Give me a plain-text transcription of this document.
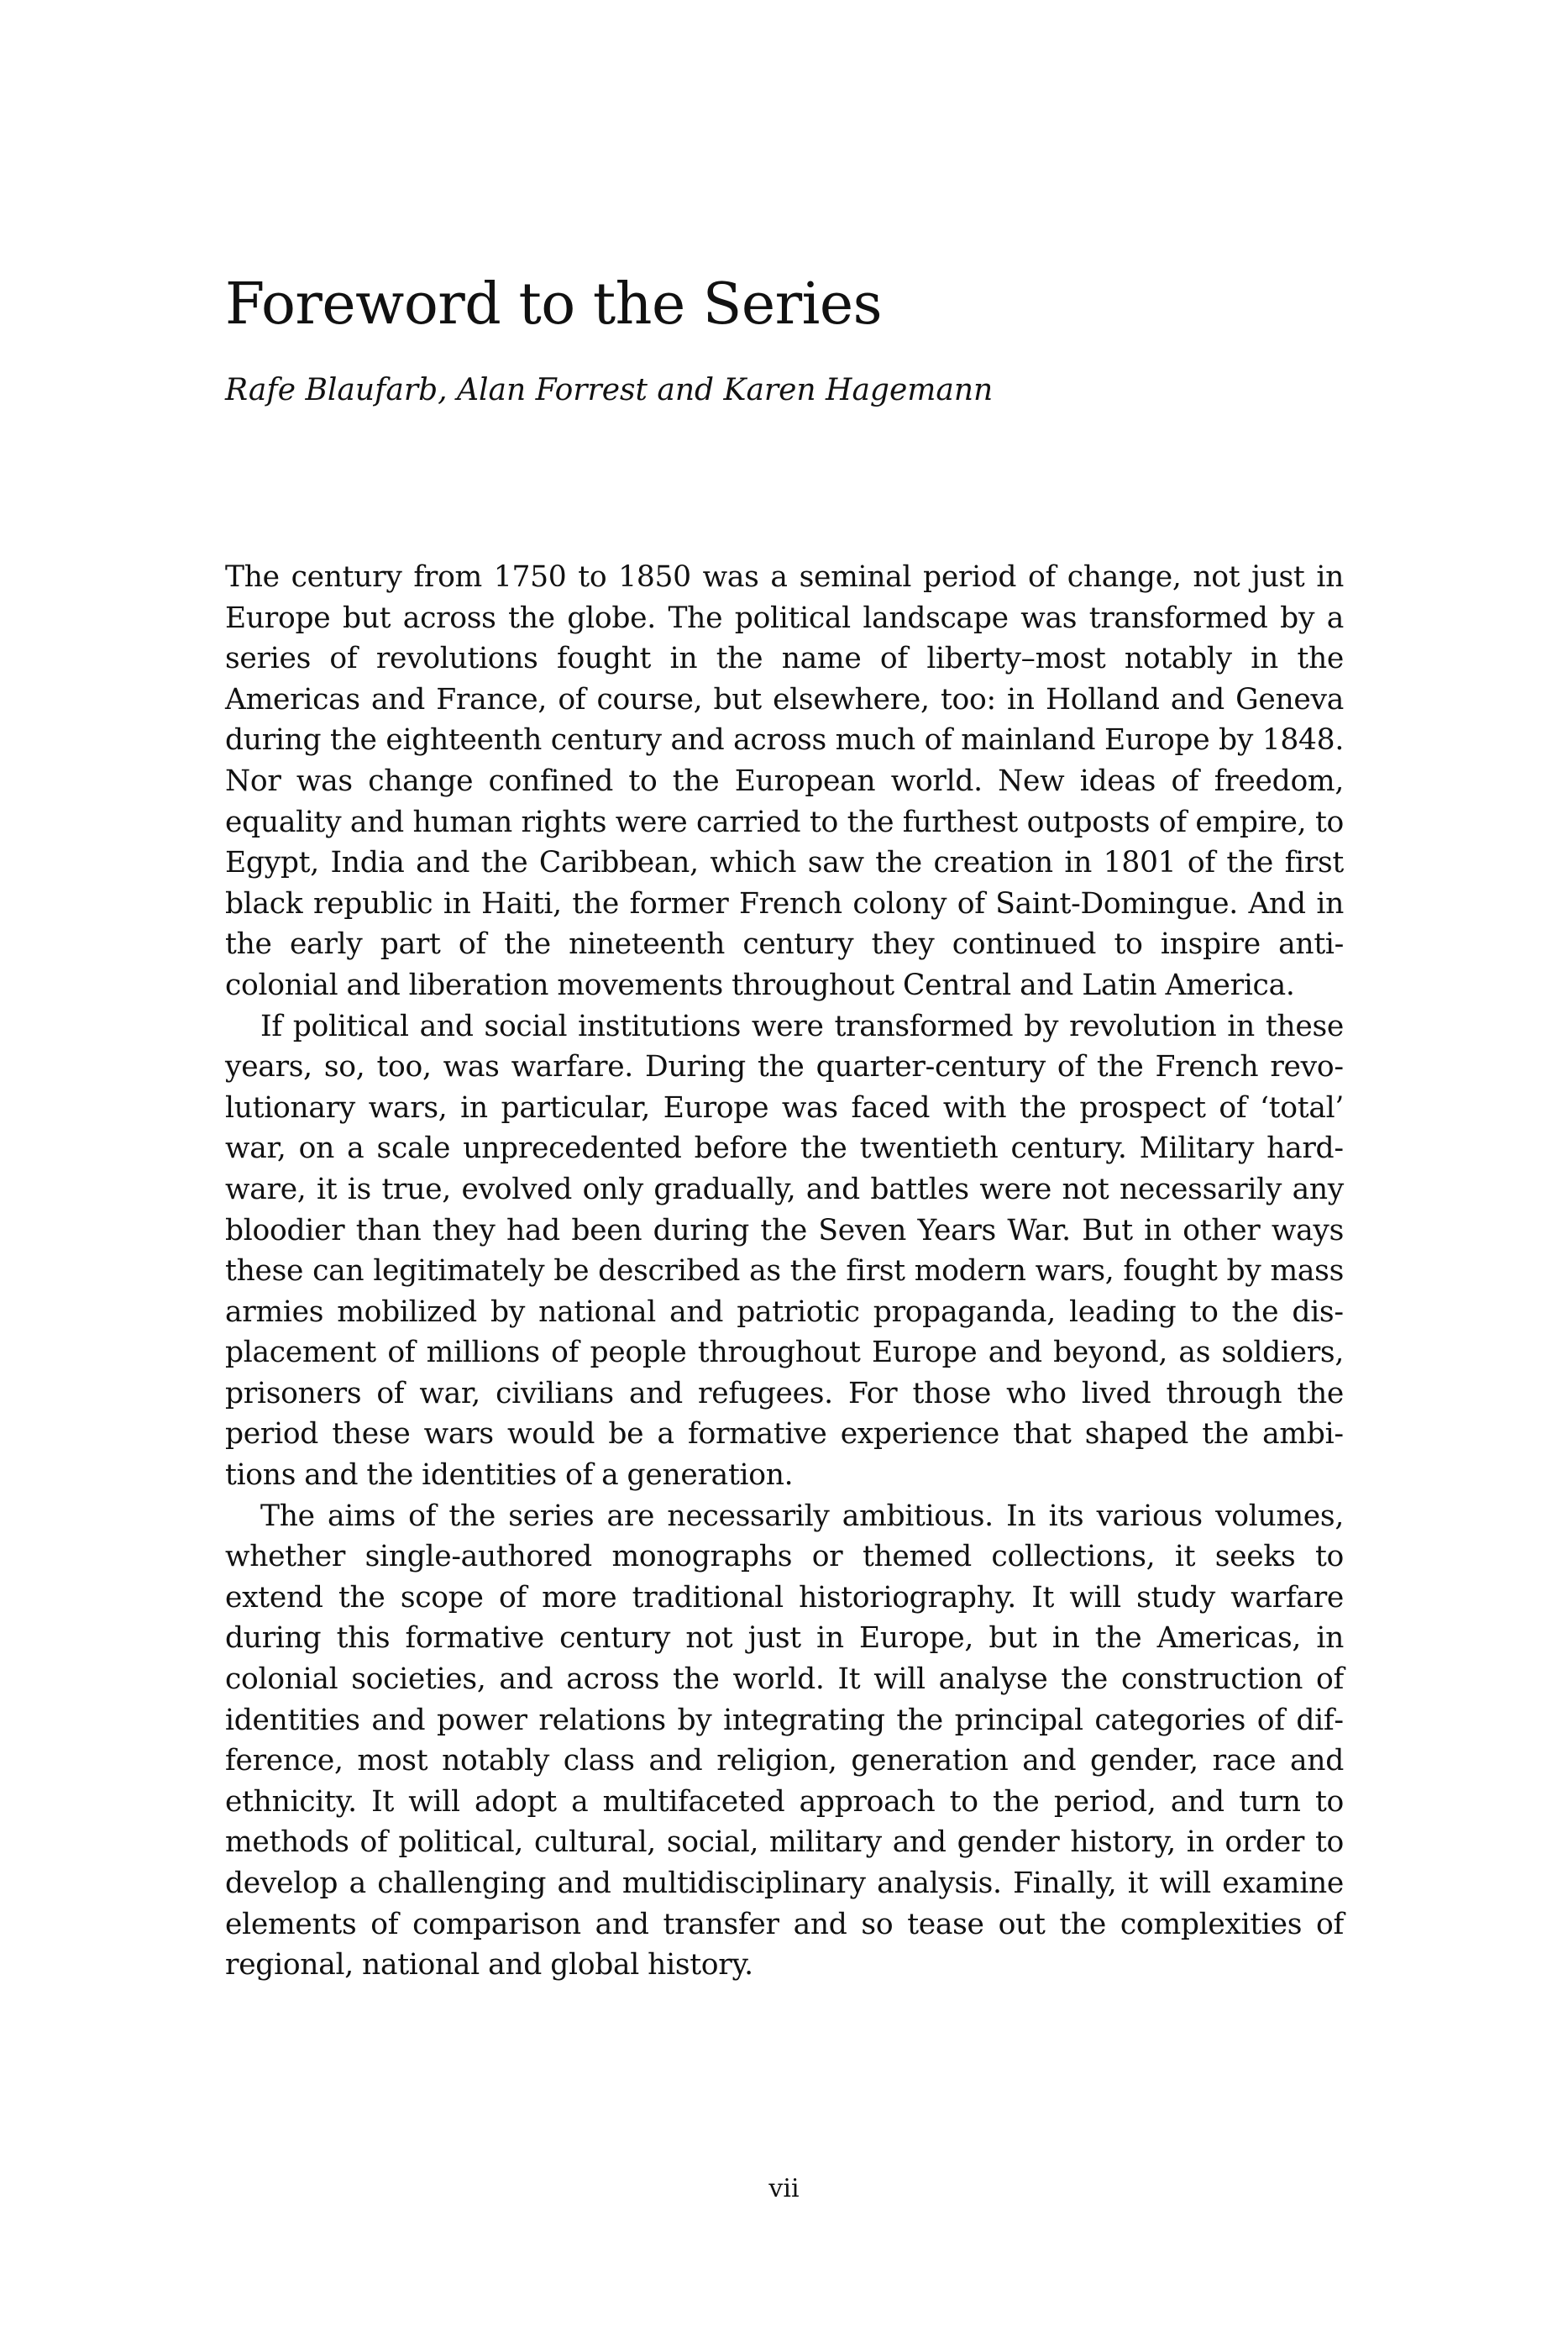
Foreword to the Series

Rafe Blaufarb, Alan Forrest and Karen Hagemann

The century from 1750 to 1850 was a seminal period of change, not just in Europe but across the globe. The political landscape was transformed by a series of revolutions fought in the name of liberty–most notably in the Americas and France, of course, but elsewhere, too: in Holland and Geneva during the eighteenth century and across much of mainland Europe by 1848. Nor was change confined to the European world. New ideas of freedom, equality and human rights were carried to the furthest outposts of empire, to Egypt, India and the Caribbean, which saw the creation in 1801 of the first black republic in Haiti, the former French colony of Saint-Domingue. And in the early part of the nineteenth century they continued to inspire anti-colonial and liberation movements throughout Central and Latin America.

If political and social institutions were transformed by revolution in these years, so, too, was warfare. During the quarter-century of the French revolutionary wars, in particular, Europe was faced with the prospect of ‘total’ war, on a scale unprecedented before the twentieth century. Military hardware, it is true, evolved only gradually, and battles were not necessarily any bloodier than they had been during the Seven Years War. But in other ways these can legitimately be described as the first modern wars, fought by mass armies mobilized by national and patriotic propaganda, leading to the displacement of millions of people throughout Europe and beyond, as soldiers, prisoners of war, civilians and refugees. For those who lived through the period these wars would be a formative experience that shaped the ambitions and the identities of a generation.

The aims of the series are necessarily ambitious. In its various volumes, whether single-authored monographs or themed collections, it seeks to extend the scope of more traditional historiography. It will study warfare during this formative century not just in Europe, but in the Americas, in colonial societies, and across the world. It will analyse the construction of identities and power relations by integrating the principal categories of difference, most notably class and religion, generation and gender, race and ethnicity. It will adopt a multifaceted approach to the period, and turn to methods of political, cultural, social, military and gender history, in order to develop a challenging and multidisciplinary analysis. Finally, it will examine elements of comparison and transfer and so tease out the complexities of regional, national and global history.

vii
